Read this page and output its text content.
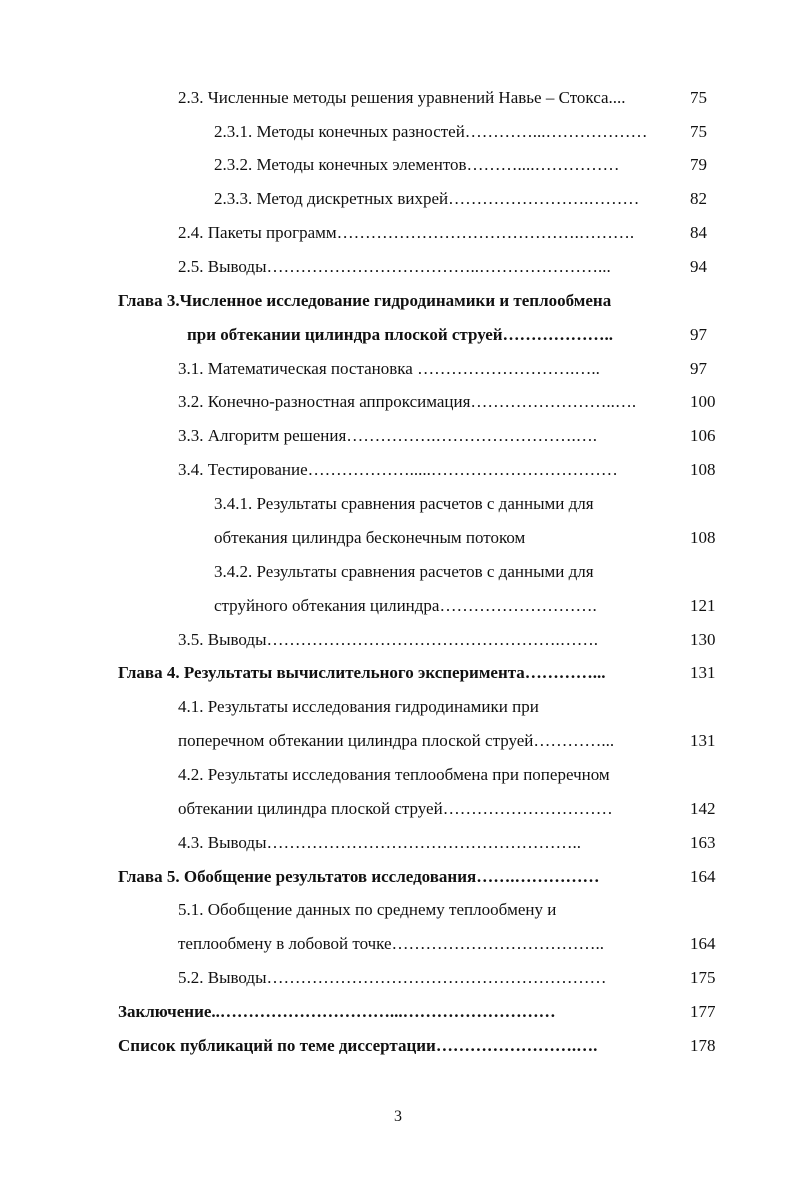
2.3. Численные методы решения уравнений Навье – Стокса....	75
2.3.1. Методы конечных разностей…………...……………… 75
2.3.2. Методы конечных элементов………....……………	79
2.3.3. Метод дискретных вихрей…………………….………	82
2.4. Пакеты программ…………………………………….……….	84
2.5. Выводы………………………………..…………………...	94
Глава 3.Численное исследование гидродинамики и теплообмена
при обтекании цилиндра плоской струей………………..	97
3.1. Математическая постановка ……………………….…..	97
3.2. Конечно-разностная аппроксимация……………………..….	100
3.3. Алгоритм решения…………….…………………….….	106
3.4. Тестирование……………….....……………………………	108
3.4.1. Результаты сравнения расчетов с данными для
обтекания цилиндра бесконечным потоком	108
3.4.2. Результаты сравнения расчетов с данными для
струйного обтекания цилиндра……………………….	121
3.5. Выводы…………………………………………….…….	130
Глава 4. Результаты вычислительного эксперимента…………...	131
4.1. Результаты исследования гидродинамики при
поперечном обтекании цилиндра плоской струей…………...	131
4.2. Результаты исследования теплообмена при поперечном
обтекании цилиндра плоской струей…………………………	142
4.3. Выводы………………………………………………..	163
Глава 5. Обобщение результатов исследования…….……………	164
5.1. Обобщение данных по среднему теплообмену и
теплообмену в лобовой точке………………………………..	164
5.2. Выводы……………………………………………………	175
Заключение..…………………………...………………………	177
Список публикаций по теме диссертации…………………….….	178
3
